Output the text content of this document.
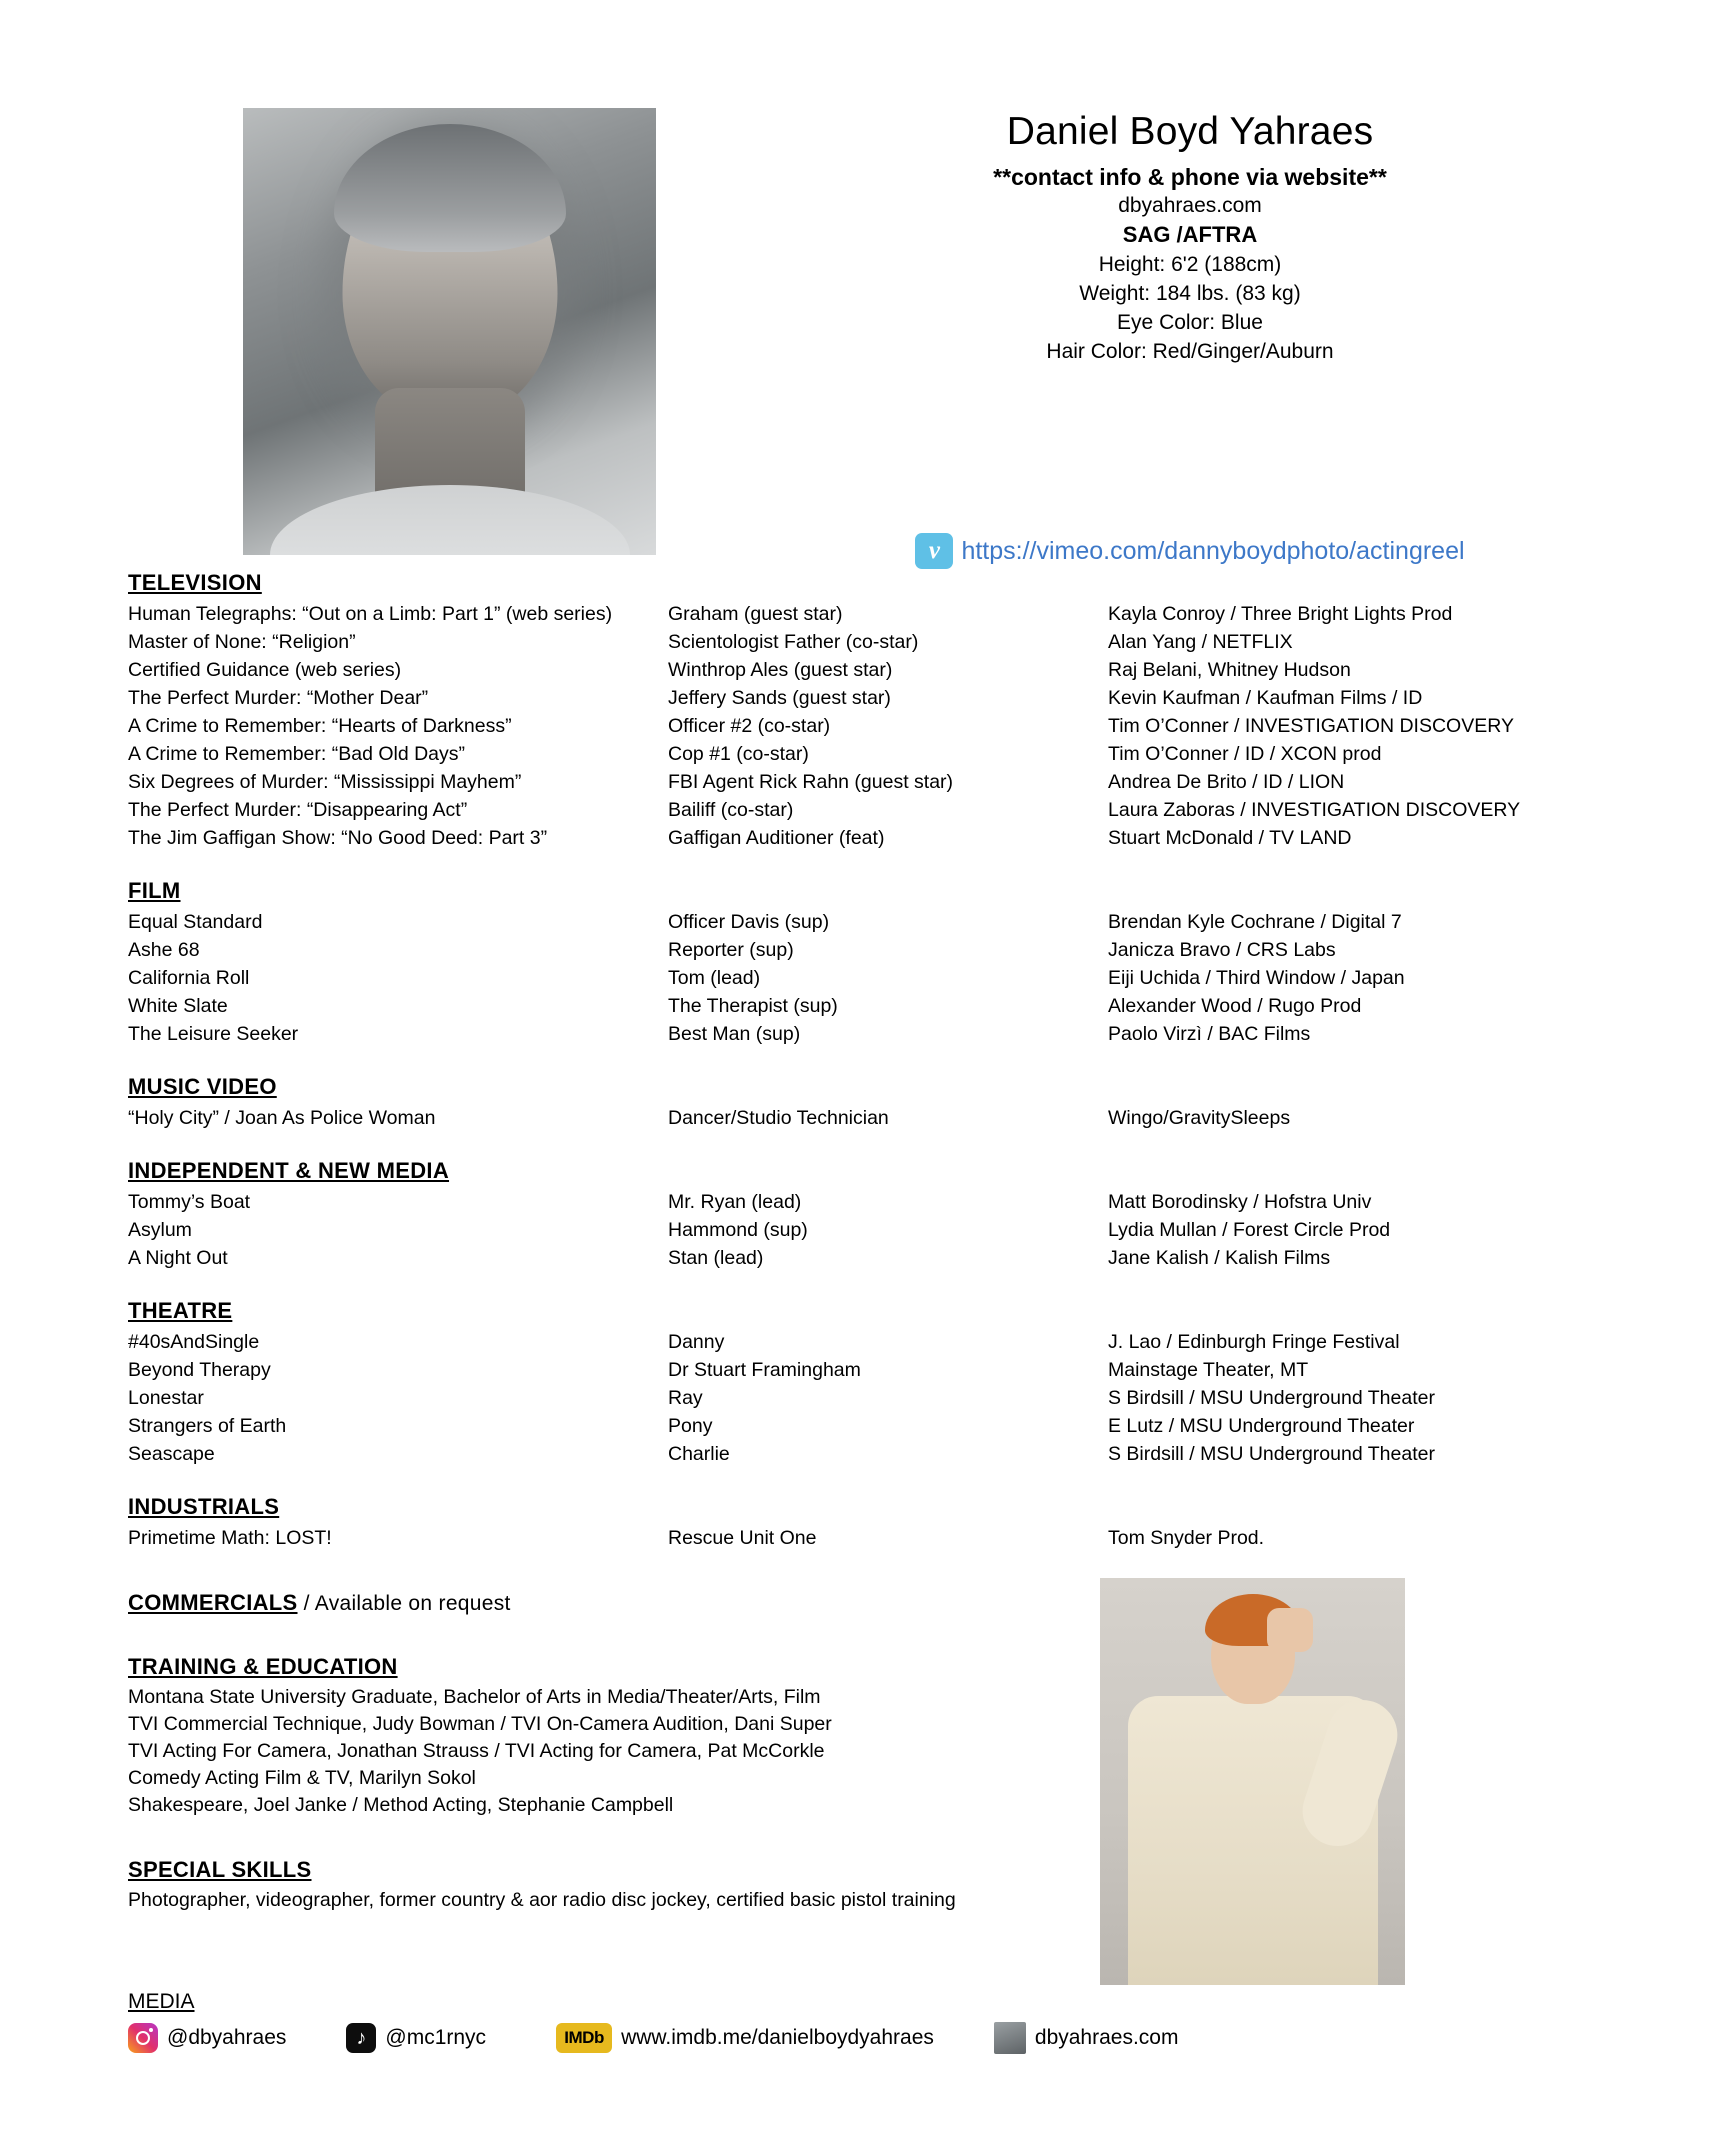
Daniel Boyd Yahraes
**contact info & phone via website**
dbyahraes.com
SAG /AFTRA
Height: 6'2 (188cm)
Weight: 184 lbs. (83 kg)
Eye Color: Blue
Hair Color: Red/Ginger/Auburn
v https://vimeo.com/dannyboydphoto/actingreel
TELEVISION
Human Telegraphs: “Out on a Limb: Part 1” (web series)	Graham (guest star)	Kayla Conroy / Three Bright Lights Prod
Master of None: “Religion”	Scientologist Father (co-star)	Alan Yang / NETFLIX
Certified Guidance (web series)	Winthrop Ales (guest star)	Raj Belani, Whitney Hudson
The Perfect Murder: “Mother Dear”	Jeffery Sands (guest star)	Kevin Kaufman / Kaufman Films / ID
A Crime to Remember: “Hearts of Darkness”	Officer #2 (co-star)	Tim O’Conner / INVESTIGATION DISCOVERY
A Crime to Remember: “Bad Old Days”	Cop #1 (co-star)	Tim O’Conner / ID / XCON prod
Six Degrees of Murder: “Mississippi Mayhem”	FBI Agent Rick Rahn (guest star)	Andrea De Brito / ID / LION
The Perfect Murder: “Disappearing Act”	Bailiff (co-star)	Laura Zaboras / INVESTIGATION DISCOVERY
The Jim Gaffigan Show: “No Good Deed: Part 3”	Gaffigan Auditioner (feat)	Stuart McDonald / TV LAND
FILM
Equal Standard	Officer Davis (sup)	Brendan Kyle Cochrane / Digital 7
Ashe 68	Reporter (sup)	Janicza Bravo / CRS Labs
California Roll	Tom (lead)	Eiji Uchida / Third Window / Japan
White Slate	The Therapist (sup)	Alexander Wood / Rugo Prod
The Leisure Seeker	Best Man (sup)	Paolo Virzì / BAC Films
MUSIC VIDEO
“Holy City” / Joan As Police Woman	Dancer/Studio Technician	Wingo/GravitySleeps
INDEPENDENT & NEW MEDIA
Tommy’s Boat	Mr. Ryan (lead)	Matt Borodinsky / Hofstra Univ
Asylum	Hammond (sup)	Lydia Mullan / Forest Circle Prod
A Night Out	Stan (lead)	Jane Kalish / Kalish Films
THEATRE
#40sAndSingle	Danny	J. Lao / Edinburgh Fringe Festival
Beyond Therapy	Dr Stuart Framingham	Mainstage Theater, MT
Lonestar	Ray	S Birdsill / MSU Underground Theater
Strangers of Earth	Pony	E Lutz / MSU Underground Theater
Seascape	Charlie	S Birdsill / MSU Underground Theater
INDUSTRIALS
Primetime Math: LOST!	Rescue Unit One	Tom Snyder Prod.
COMMERCIALS / Available on request
TRAINING & EDUCATION
Montana State University Graduate, Bachelor of Arts in Media/Theater/Arts, Film
TVI Commercial Technique, Judy Bowman / TVI On-Camera Audition, Dani Super
TVI Acting For Camera, Jonathan Strauss / TVI Acting for Camera, Pat McCorkle
Comedy Acting Film & TV, Marilyn Sokol
Shakespeare, Joel Janke / Method Acting, Stephanie Campbell
SPECIAL SKILLS
Photographer, videographer, former country & aor radio disc jockey, certified basic pistol training
MEDIA
@dbyahraes	♪ @mc1rnyc	IMDb www.imdb.me/danielboydyahraes	dbyahraes.com
